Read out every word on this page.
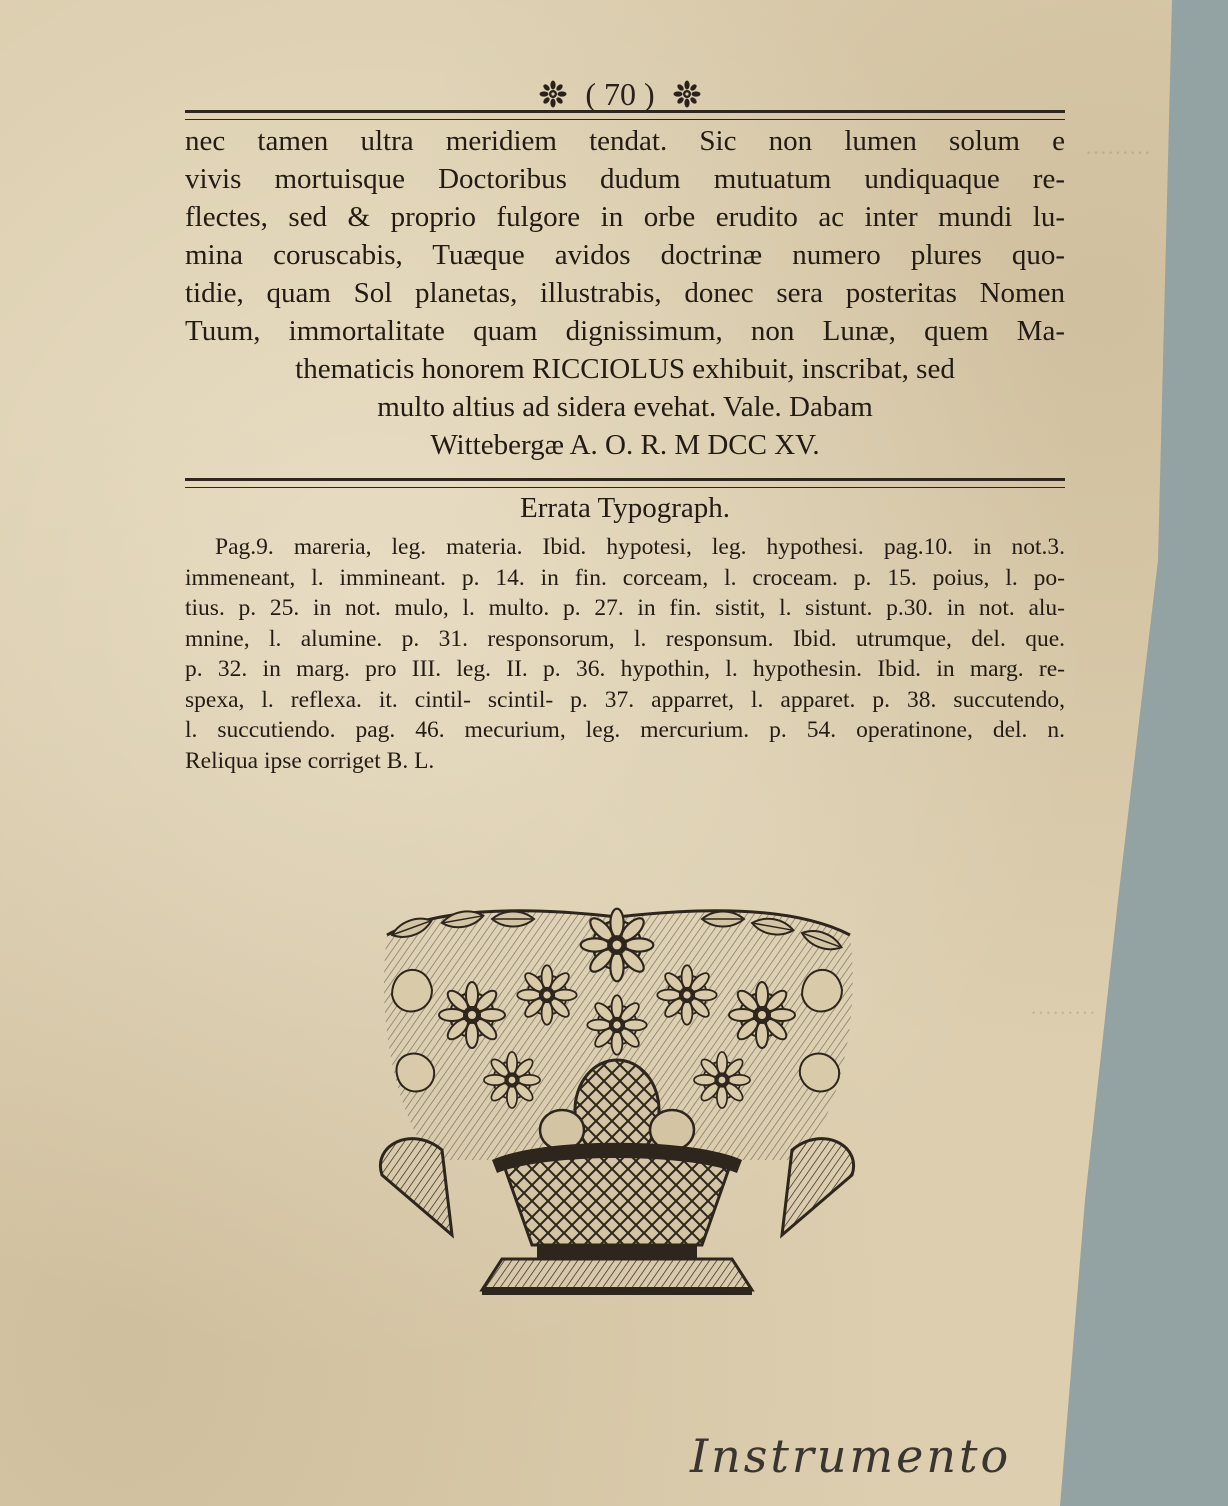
·········
·········
( 70 )
nec tamen ultra meridiem tendat. Sic non lumen solum e
vivis mortuisque Doctoribus dudum mutuatum undiquaque re-
flectes, sed & proprio fulgore in orbe erudito ac inter mundi lu-
mina coruscabis, Tuæque avidos doctrinæ numero plures quo-
tidie, quam Sol planetas, illustrabis, donec sera posteritas Nomen
Tuum, immortalitate quam dignissimum, non Lunæ, quem Ma-
thematicis honorem RICCIOLUS exhibuit, inscribat, sed
multo altius ad sidera evehat. Vale. Dabam
Wittebergæ A. O. R. M DCC XV.
Errata Typograph.
Pag.9. mareria, leg. materia. Ibid. hypotesi, leg. hypothesi. pag.10. in not.3.
immeneant, l. immineant. p. 14. in fin. corceam, l. croceam. p. 15. poius, l. po-
tius. p. 25. in not. mulo, l. multo. p. 27. in fin. sistit, l. sistunt. p.30. in not. alu-
mnine, l. alumine. p. 31. responsorum, l. responsum. Ibid. utrumque, del. que.
p. 32. in marg. pro III. leg. II. p. 36. hypothin, l. hypothesin. Ibid. in marg. re-
spexa, l. reflexa. it. cintil- scintil- p. 37. apparret, l. apparet. p. 38. succutendo,
l. succutiendo. pag. 46. mecurium, leg. mercurium. p. 54. operatinone, del. n.
Reliqua ipse corriget B. L.
Instrumento
